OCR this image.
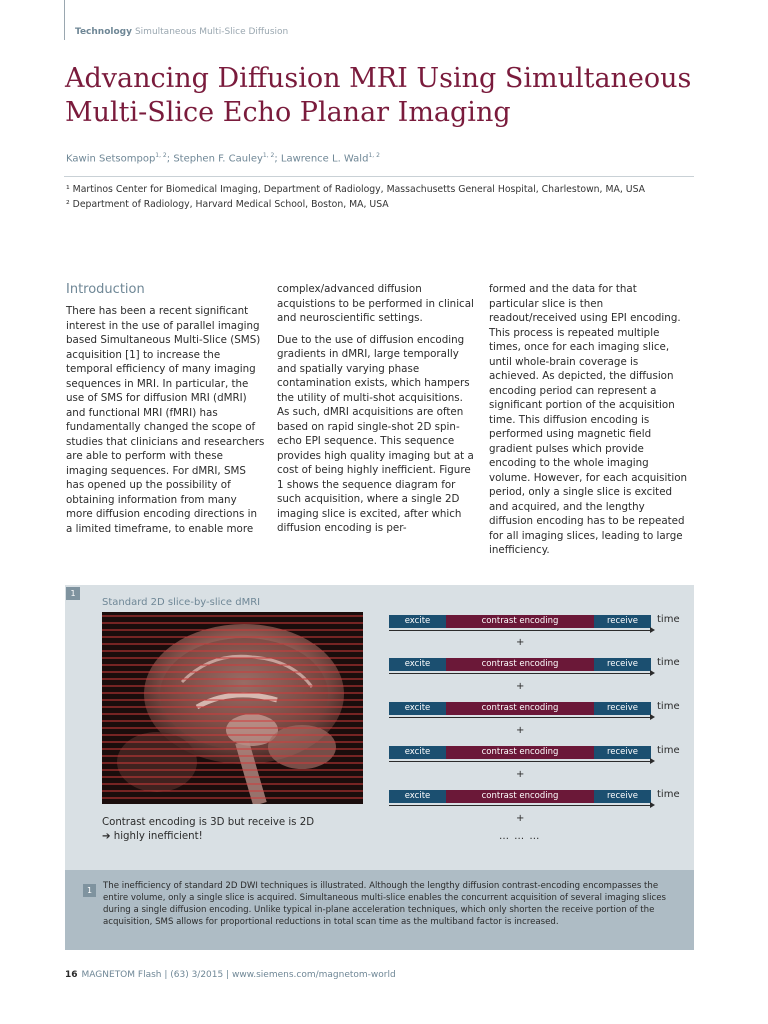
Technology Simultaneous Multi-Slice Diffusion
Advancing Diffusion MRI Using Simultaneous Multi-Slice Echo Planar Imaging
Kawin Setsompop$^{1, 2}$; Stephen F. Cauley$^{1, 2}$; Lawrence L. Wald$^{1, 2}$
¹ Martinos Center for Biomedical Imaging, Department of Radiology, Massachusetts General Hospital, Charlestown, MA, USA
² Department of Radiology, Harvard Medical School, Boston, MA, USA
Introduction

There has been a recent significant interest in the use of parallel imaging based Simultaneous Multi-Slice (SMS) acquisition [1] to increase the temporal efficiency of many imaging sequences in MRI. In particular, the use of SMS for diffusion MRI (dMRI) and functional MRI (fMRI) has fundamentally changed the scope of studies that clinicians and researchers are able to perform with these imaging sequences. For dMRI, SMS has opened up the possibility of obtaining information from many more diffusion encoding directions in a limited timeframe, to enable more

complex/advanced diffusion acquistions to be performed in clinical and neuroscientific settings.

Due to the use of diffusion encoding gradients in dMRI, large temporally and spatially varying phase contamination exists, which hampers the utility of multi-shot acquisitions. As such, dMRI acquisitions are often based on rapid single-shot 2D spin-echo EPI sequence. This sequence provides high quality imaging but at a cost of being highly inefficient. Figure 1 shows the sequence diagram for such acquisition, where a single 2D imaging slice is excited, after which diffusion encoding is per-

formed and the data for that particular slice is then readout/received using EPI encoding. This process is repeated multiple times, once for each imaging slice, until whole-brain coverage is achieved. As depicted, the diffusion encoding period can represent a significant portion of the acquisition time. This diffusion encoding is performed using magnetic field gradient pulses which provide encoding to the whole imaging volume. However, for each acquisition period, only a single slice is excited and acquired, and the lengthy diffusion encoding has to be repeated for all imaging slices, leading to large inefficiency.

1
Standard 2D slice-by-slice dMRI
Contrast encoding is 3D but receive is 2D
➔ highly inefficient!
excite	contrast encoding	receive	time
+
excite	contrast encoding	receive	time
+
excite	contrast encoding	receive	time
+
excite	contrast encoding	receive	time
+
excite	contrast encoding	receive	time
+
… … …
1	The inefficiency of standard 2D DWI techniques is illustrated. Although the lengthy diffusion contrast-encoding encompasses the entire volume, only a single slice is acquired. Simultaneous multi-slice enables the concurrent acquisition of several imaging slices during a single diffusion encoding. Unlike typical in-plane acceleration techniques, which only shorten the receive portion of the acquisition, SMS allows for proportional reductions in total scan time as the multiband factor is increased.
16 MAGNETOM Flash | (63) 3/2015 | www.siemens.com/magnetom-world
